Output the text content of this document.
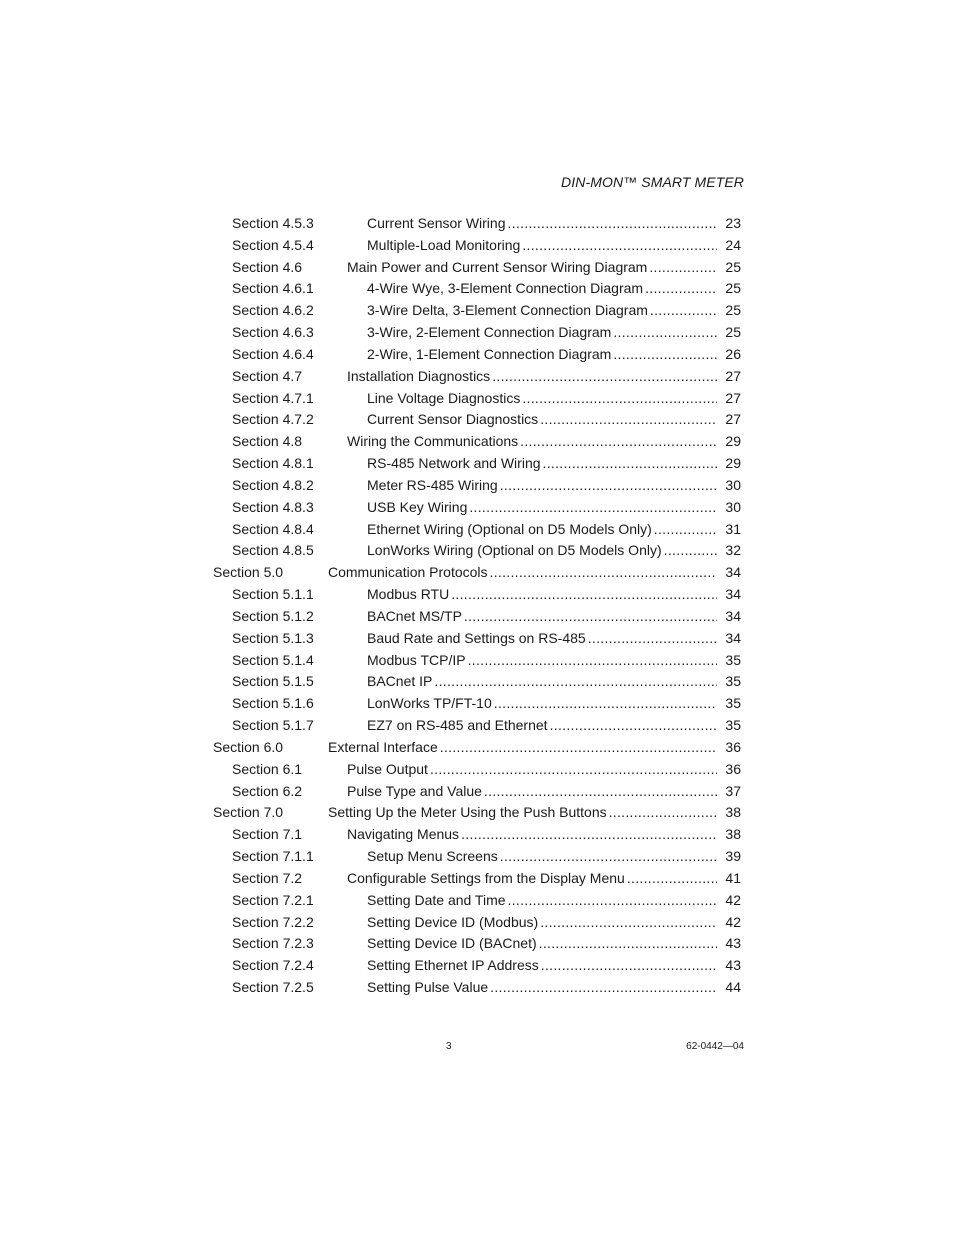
DIN-MON™ SMART METER
Section 4.5.3	Current Sensor Wiring .....	23
Section 4.5.4	Multiple-Load Monitoring .....	24
Section 4.6	Main Power and Current Sensor Wiring Diagram .....	25
Section 4.6.1	4-Wire Wye, 3-Element Connection Diagram .....	25
Section 4.6.2	3-Wire Delta, 3-Element Connection Diagram .....	25
Section 4.6.3	3-Wire, 2-Element Connection Diagram .....	25
Section 4.6.4	2-Wire, 1-Element Connection Diagram .....	26
Section 4.7	Installation Diagnostics .....	27
Section 4.7.1	Line Voltage Diagnostics .....	27
Section 4.7.2	Current Sensor Diagnostics .....	27
Section 4.8	Wiring the Communications .....	29
Section 4.8.1	RS-485 Network and Wiring .....	29
Section 4.8.2	Meter RS-485 Wiring .....	30
Section 4.8.3	USB Key Wiring .....	30
Section 4.8.4	Ethernet Wiring (Optional on D5 Models Only) .....	31
Section 4.8.5	LonWorks Wiring (Optional on D5 Models Only) .....	32
Section 5.0	Communication Protocols .....	34
Section 5.1.1	Modbus RTU .....	34
Section 5.1.2	BACnet MS/TP .....	34
Section 5.1.3	Baud Rate and Settings on RS-485 .....	34
Section 5.1.4	Modbus TCP/IP .....	35
Section 5.1.5	BACnet IP .....	35
Section 5.1.6	LonWorks TP/FT-10 .....	35
Section 5.1.7	EZ7 on RS-485 and Ethernet .....	35
Section 6.0	External Interface .....	36
Section 6.1	Pulse Output .....	36
Section 6.2	Pulse Type and Value .....	37
Section 7.0	Setting Up the Meter Using the Push Buttons .....	38
Section 7.1	Navigating Menus .....	38
Section 7.1.1	Setup Menu Screens .....	39
Section 7.2	Configurable Settings from the Display Menu .....	41
Section 7.2.1	Setting Date and Time .....	42
Section 7.2.2	Setting Device ID (Modbus) .....	42
Section 7.2.3	Setting Device ID (BACnet) .....	43
Section 7.2.4	Setting Ethernet IP Address .....	43
Section 7.2.5	Setting Pulse Value .....	44
3	62-0442—04
